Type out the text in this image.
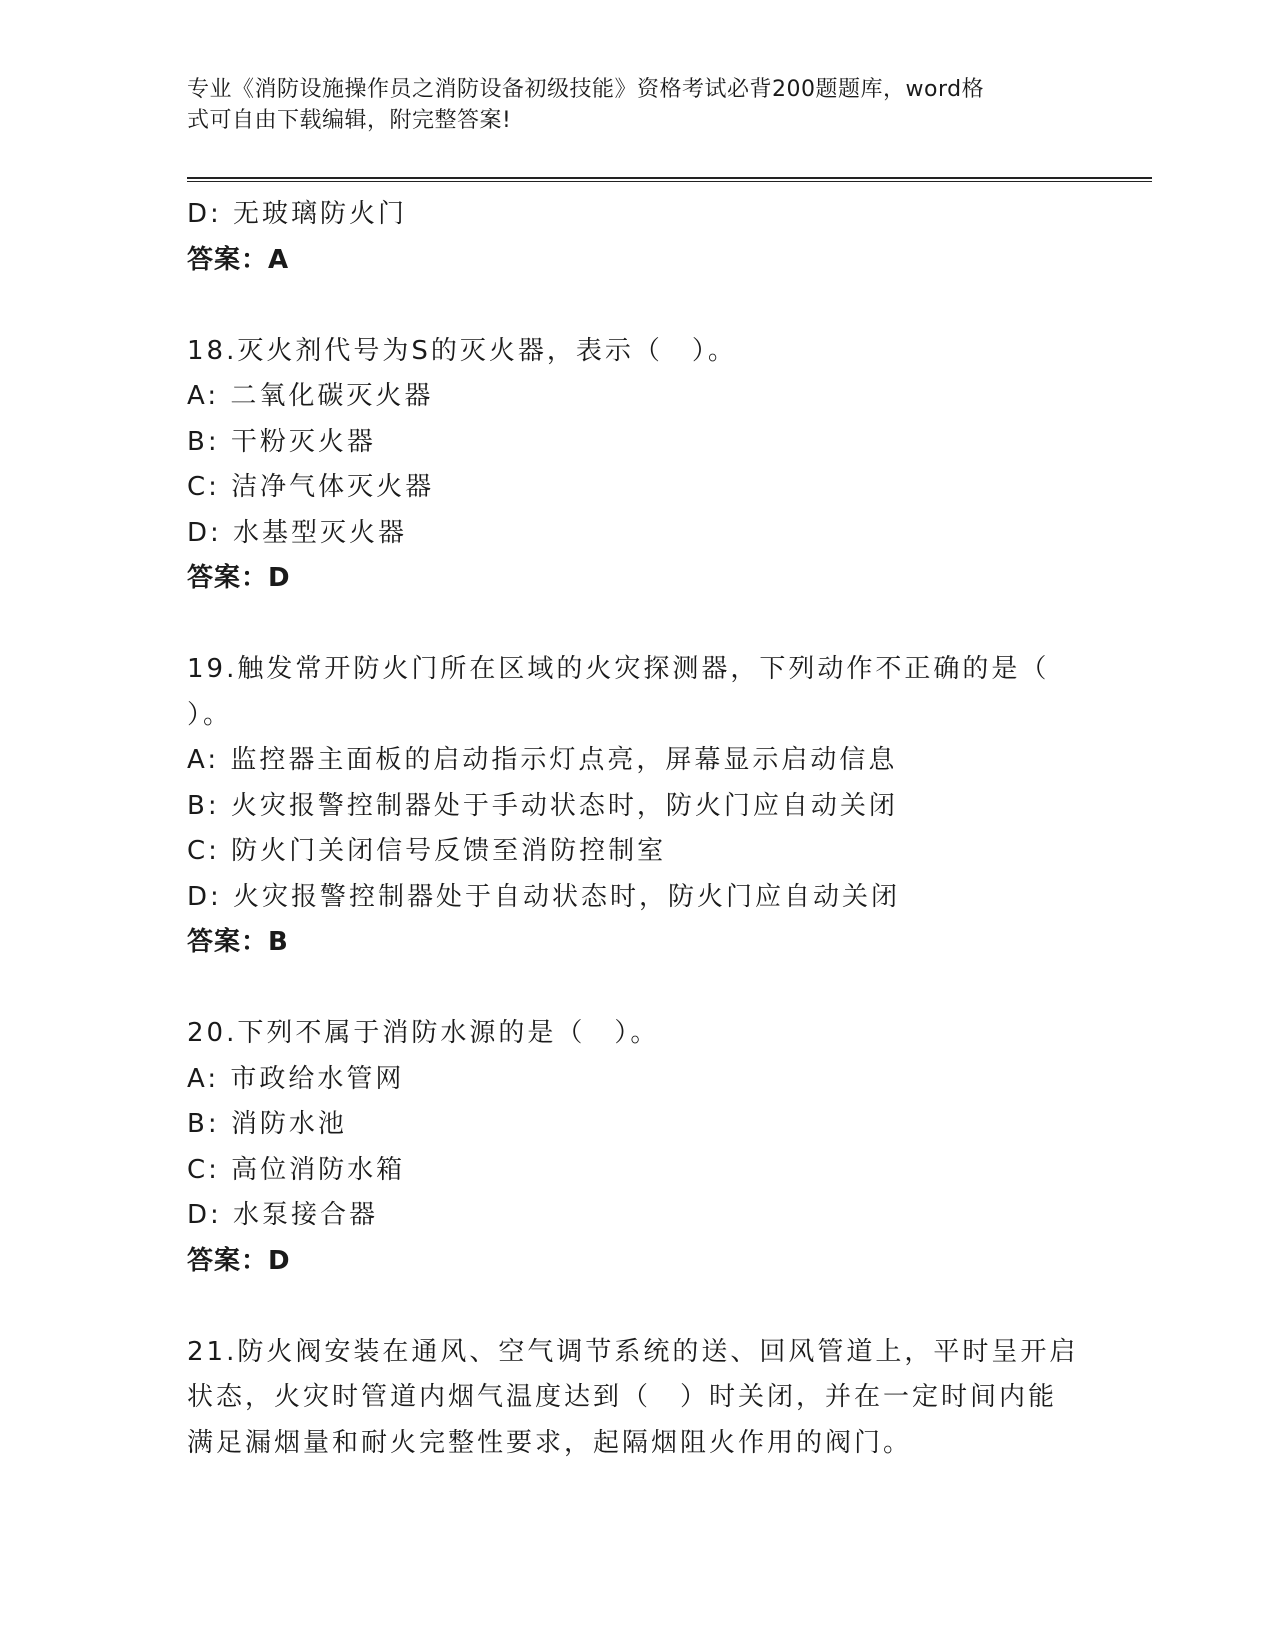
专业《消防设施操作员之消防设备初级技能》资格考试必背200题题库，word格
式可自由下载编辑，附完整答案!
D: 无玻璃防火门
答案：A
18.灭火剂代号为S的灭火器，表示（　）。
A: 二氧化碳灭火器
B: 干粉灭火器
C: 洁净气体灭火器
D: 水基型灭火器
答案：D
19.触发常开防火门所在区域的火灾探测器，下列动作不正确的是（
）。
A: 监控器主面板的启动指示灯点亮，屏幕显示启动信息
B: 火灾报警控制器处于手动状态时，防火门应自动关闭
C: 防火门关闭信号反馈至消防控制室
D: 火灾报警控制器处于自动状态时，防火门应自动关闭
答案：B
20.下列不属于消防水源的是（　）。
A: 市政给水管网
B: 消防水池
C: 高位消防水箱
D: 水泵接合器
答案：D
21.防火阀安装在通风、空气调节系统的送、回风管道上，平时呈开启
状态，火灾时管道内烟气温度达到（　）时关闭，并在一定时间内能
满足漏烟量和耐火完整性要求，起隔烟阻火作用的阀门。
